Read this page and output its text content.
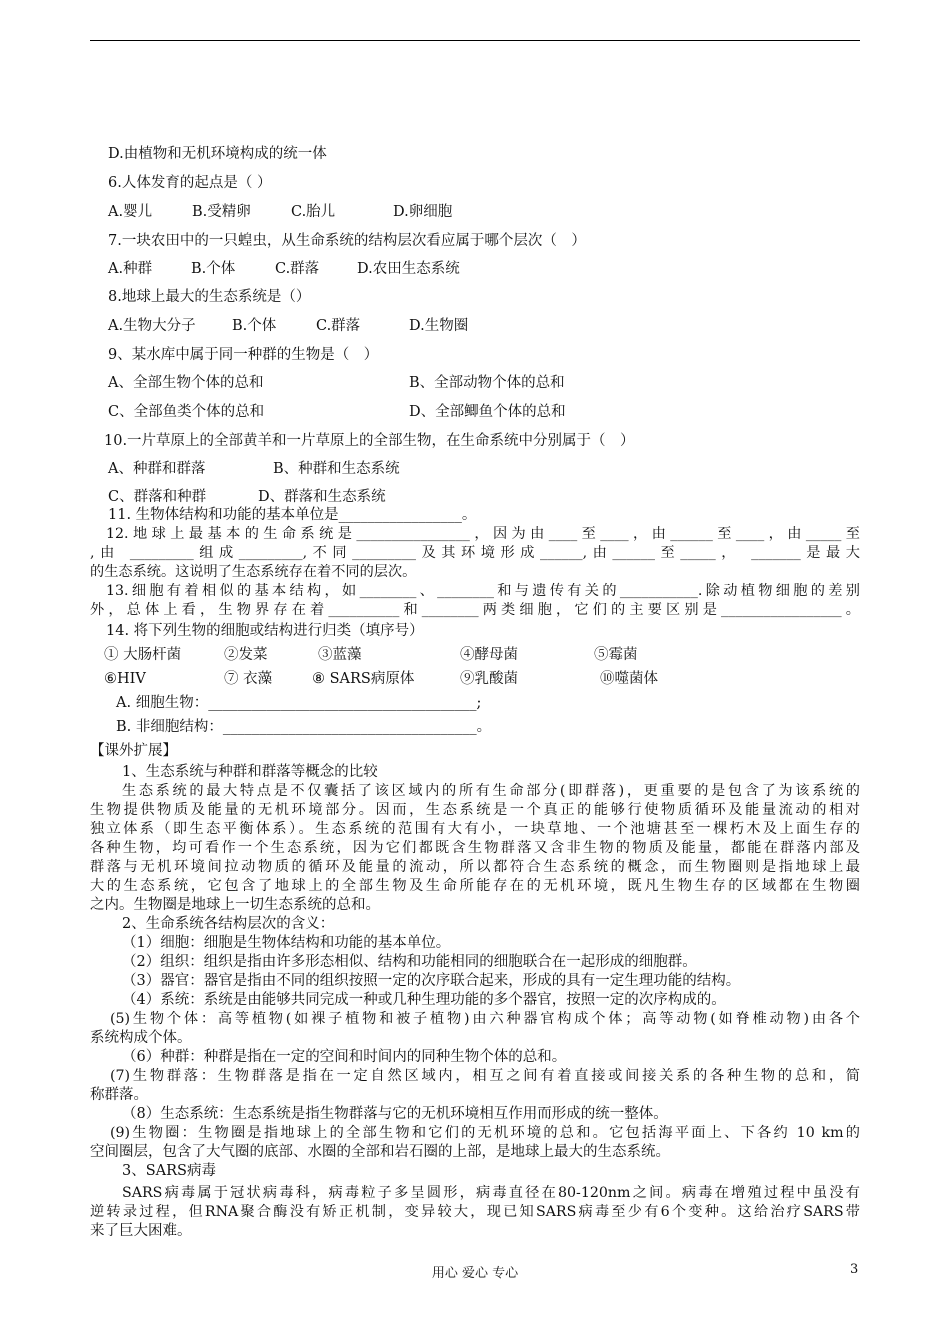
D.由植物和无机环境构成的统一体
6.人体发育的起点是（ ）
A.婴儿	B.受精卵	C.胎儿	D.卵细胞
7.一块农田中的一只蝗虫，从生命系统的结构层次看应属于哪个层次（　）
A.种群	B.个体	C.群落	D.农田生态系统
8.地球上最大的生态系统是（）
A.生物大分子	B.个体	C.群落	D.生物圈
9、某水库中属于同一种群的生物是（　）
A、全部生物个体的总和	B、全部动物个体的总和
C、全部鱼类个体的总和	D、全部鲫鱼个体的总和
10.一片草原上的全部黄羊和一片草原上的全部生物，在生命系统中分别属于（　）
A、种群和群落	B、种群和生态系统
C、群落和种群	D、群落和生态系统
11. 生物体结构和功能的基本单位是_________________。
14. 将下列生物的细胞或结构进行归类（填序号）
① 大肠杆菌	②发菜	③蓝藻	④酵母菌	⑤霉菌
⑥HIV	⑦ 衣藻	⑧ SARS病原体	⑨乳酸菌	⑩噬菌体
A. 细胞生物：_____________________________________;
B. 非细胞结构：___________________________________。
12.地球上最基本的生命系统是________________，因为由____至____，由______至____，由_____至
,由 _________组成_________,不同_________及其环境形成______,由______至_____， _______是最大
的生态系统。这说明了生态系统存在着不同的层次。
13.细胞有着相似的基本结构，如________、________和与遗传有关的___________.除动植物细胞的差别
外，总体上看，生物界存在着__________和________两类细胞，它们的主要区别是_________________。
【课外扩展】
1、生态系统与种群和群落等概念的比较
生态系统的最大特点是不仅囊括了该区域内的所有生命部分(即群落)，更重要的是包含了为该系统的
生物提供物质及能量的无机环境部分。因而，生态系统是一个真正的能够行使物质循环及能量流动的相对
独立体系（即生态平衡体系）。生态系统的范围有大有小，一块草地、一个池塘甚至一棵朽木及上面生存的
各种生物，均可看作一个生态系统，因为它们都既含生物群落又含非生物的物质及能量，都能在群落内部及
群落与无机环境间拉动物质的循环及能量的流动，所以都符合生态系统的概念，而生物圈则是指地球上最
大的生态系统，它包含了地球上的全部生物及生命所能存在的无机环境，既凡生物生存的区域都在生物圈
之内。生物圈是地球上一切生态系统的总和。
2、生命系统各结构层次的含义：
（1）细胞：细胞是生物体结构和功能的基本单位。
（2）组织：组织是指由许多形态相似、结构和功能相同的细胞联合在一起形成的细胞群。
（3）器官：器官是指由不同的组织按照一定的次序联合起来，形成的具有一定生理功能的结构。
（4）系统：系统是由能够共同完成一种或几种生理功能的多个器官，按照一定的次序构成的。
(5)生物个体：高等植物(如裸子植物和被子植物)由六种器官构成个体；高等动物(如脊椎动物)由各个
系统构成个体。
（6）种群：种群是指在一定的空间和时间内的同种生物个体的总和。
(7)生物群落：生物群落是指在一定自然区域内，相互之间有着直接或间接关系的各种生物的总和，简
称群落。
（8）生态系统：生态系统是指生物群落与它的无机环境相互作用而形成的统一整体。
(9)生物圈：生物圈是指地球上的全部生物和它们的无机环境的总和。它包括海平面上、下各约 10 km的
空间圈层，包含了大气圈的底部、水圈的全部和岩石圈的上部，是地球上最大的生态系统。
3、SARS病毒
SARS病毒属于冠状病毒科，病毒粒子多呈圆形，病毒直径在80-120nm之间。病毒在增殖过程中虽没有
逆转录过程，但RNA聚合酶没有矫正机制，变异较大，现已知SARS病毒至少有6个变种。这给治疗SARS带
来了巨大困难。
用心 爱心 专心	3
